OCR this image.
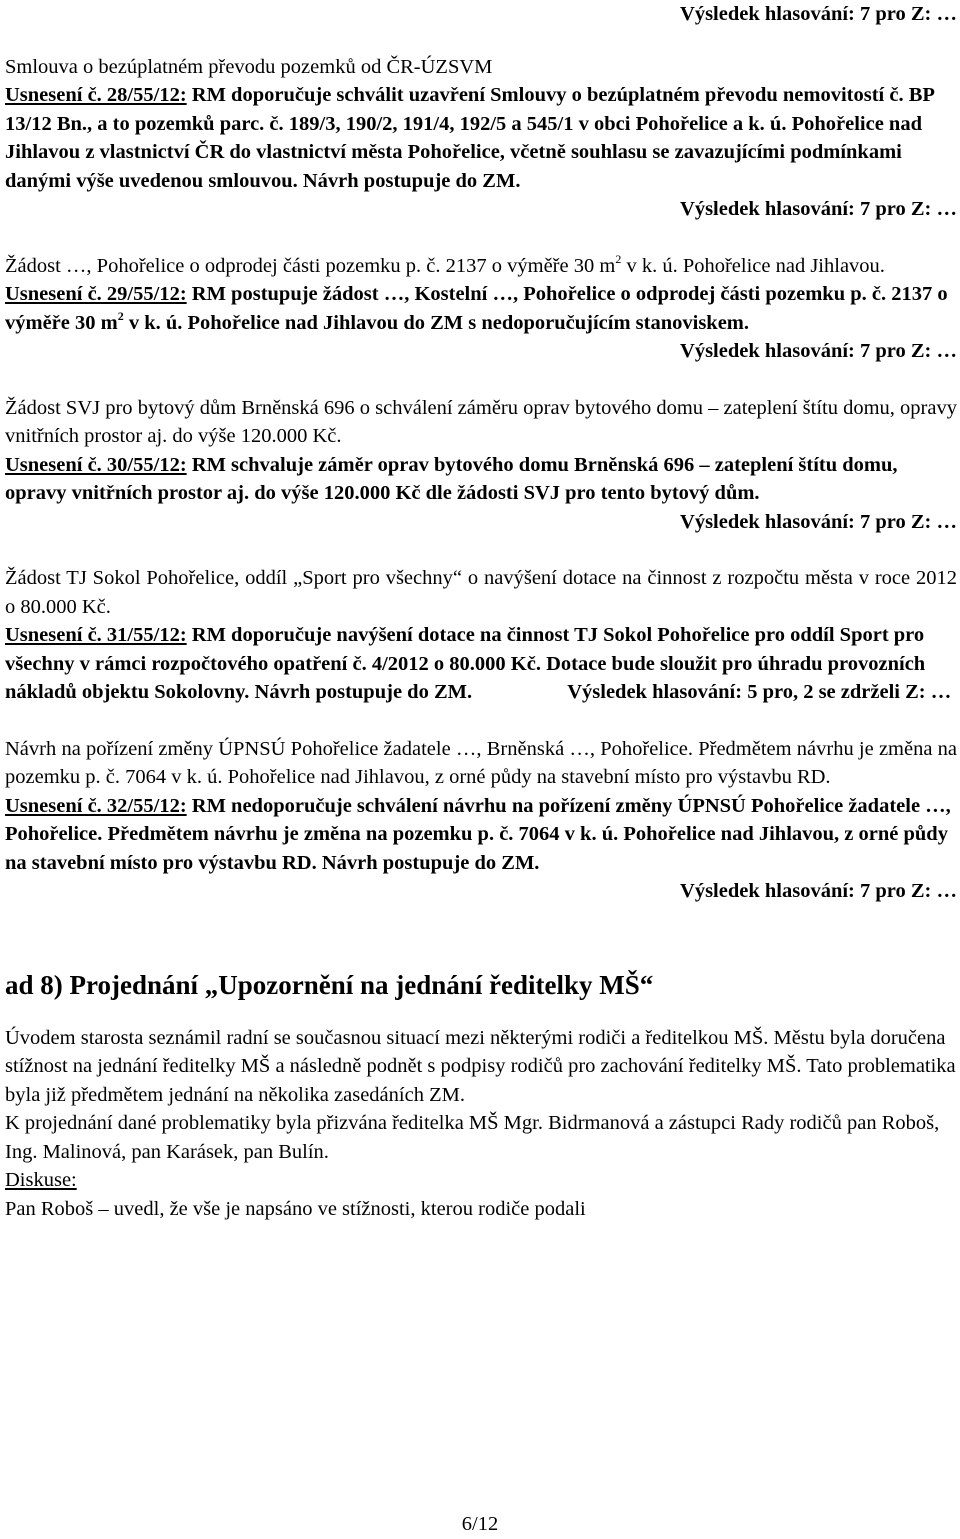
Výsledek hlasování: 7 pro Z: …

Smlouva o bezúplatném převodu pozemků od ČR-ÚZSVM

Usnesení č. 28/55/12: RM doporučuje schválit uzavření Smlouvy o bezúplatném převodu nemovitostí č. BP 13/12 Bn., a to pozemků parc. č. 189/3, 190/2, 191/4, 192/5 a 545/1 v obci Pohořelice a k. ú. Pohořelice nad Jihlavou z vlastnictví ČR do vlastnictví města Pohořelice, včetně souhlasu se zavazujícími podmínkami danými výše uvedenou smlouvou. Návrh postupuje do ZM.

Výsledek hlasování: 7 pro Z: …

Žádost …, Pohořelice o odprodej části pozemku p. č. 2137 o výměře 30 $m^2$ v k. ú. Pohořelice nad Jihlavou.

Usnesení č. 29/55/12: RM postupuje žádost …, Kostelní …, Pohořelice o odprodej části pozemku p. č. 2137 o výměře 30 $m^2$ v k. ú. Pohořelice nad Jihlavou do ZM s nedoporučujícím stanoviskem.

Výsledek hlasování: 7 pro Z: …

Žádost SVJ pro bytový dům Brněnská 696 o schválení záměru oprav bytového domu – zateplení štítu domu, opravy vnitřních prostor aj. do výše 120.000 Kč.

Usnesení č. 30/55/12: RM schvaluje záměr oprav bytového domu Brněnská 696 – zateplení štítu domu, opravy vnitřních prostor aj. do výše 120.000 Kč dle žádosti SVJ pro tento bytový dům.

Výsledek hlasování: 7 pro Z: …

Žádost TJ Sokol Pohořelice, oddíl „Sport pro všechny“ o navýšení dotace na činnost z rozpočtu města v roce 2012 o 80.000 Kč.

Usnesení č. 31/55/12: RM doporučuje navýšení dotace na činnost TJ Sokol Pohořelice pro oddíl Sport pro všechny v rámci rozpočtového opatření č. 4/2012 o 80.000 Kč. Dotace bude sloužit pro úhradu provozních nákladů objektu Sokolovny. Návrh postupuje do ZM.	Výsledek hlasování: 5 pro, 2 se zdrželi Z: …

Návrh na pořízení změny ÚPNSÚ Pohořelice žadatele …, Brněnská …, Pohořelice. Předmětem návrhu je změna na pozemku p. č. 7064 v k. ú. Pohořelice nad Jihlavou, z orné půdy na stavební místo pro výstavbu RD.

Usnesení č. 32/55/12: RM nedoporučuje schválení návrhu na pořízení změny ÚPNSÚ Pohořelice žadatele …, Pohořelice. Předmětem návrhu je změna na pozemku p. č. 7064 v k. ú. Pohořelice nad Jihlavou, z orné půdy na stavební místo pro výstavbu RD. Návrh postupuje do ZM.

Výsledek hlasování: 7 pro Z: …

ad 8) Projednání „Upozornění na jednání ředitelky MŠ“

Úvodem starosta seznámil radní se současnou situací mezi některými rodiči a ředitelkou MŠ. Městu byla doručena stížnost na jednání ředitelky MŠ a následně podnět s podpisy rodičů pro zachování ředitelky MŠ. Tato problematika byla již předmětem jednání na několika zasedáních ZM.

K projednání dané problematiky byla přizvána ředitelka MŠ Mgr. Bidrmanová a zástupci Rady rodičů pan Roboš, Ing. Malinová, pan Karásek, pan Bulín.

Diskuse:

Pan Roboš – uvedl, že vše je napsáno ve stížnosti, kterou rodiče podali

6/12
